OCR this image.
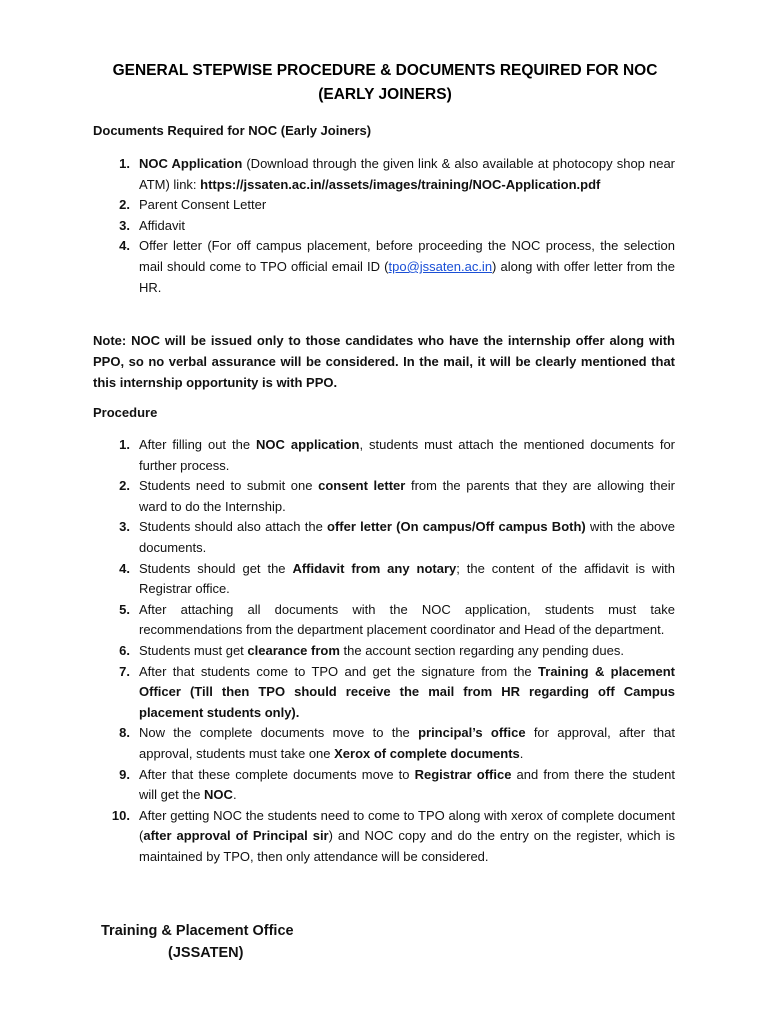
GENERAL STEPWISE PROCEDURE & DOCUMENTS REQUIRED FOR NOC
(EARLY JOINERS)
Documents Required for NOC (Early Joiners)
1. NOC Application (Download through the given link & also available at photocopy shop near ATM) link: https://jssaten.ac.in//assets/images/training/NOC-Application.pdf
2. Parent Consent Letter
3. Affidavit
4. Offer letter (For off campus placement, before proceeding the NOC process, the selection mail should come to TPO official email ID (tpo@jssaten.ac.in) along with offer letter from the HR.
Note: NOC will be issued only to those candidates who have the internship offer along with PPO, so no verbal assurance will be considered. In the mail, it will be clearly mentioned that this internship opportunity is with PPO.
Procedure
1. After filling out the NOC application, students must attach the mentioned documents for further process.
2. Students need to submit one consent letter from the parents that they are allowing their ward to do the Internship.
3. Students should also attach the offer letter (On campus/Off campus Both) with the above documents.
4. Students should get the Affidavit from any notary; the content of the affidavit is with Registrar office.
5. After attaching all documents with the NOC application, students must take recommendations from the department placement coordinator and Head of the department.
6. Students must get clearance from the account section regarding any pending dues.
7. After that students come to TPO and get the signature from the Training & placement Officer (Till then TPO should receive the mail from HR regarding off Campus placement students only).
8. Now the complete documents move to the principal’s office for approval, after that approval, students must take one Xerox of complete documents.
9. After that these complete documents move to Registrar office and from there the student will get the NOC.
10. After getting NOC the students need to come to TPO along with xerox of complete document (after approval of Principal sir) and NOC copy and do the entry on the register, which is maintained by TPO, then only attendance will be considered.
Training & Placement Office
(JSSATEN)
